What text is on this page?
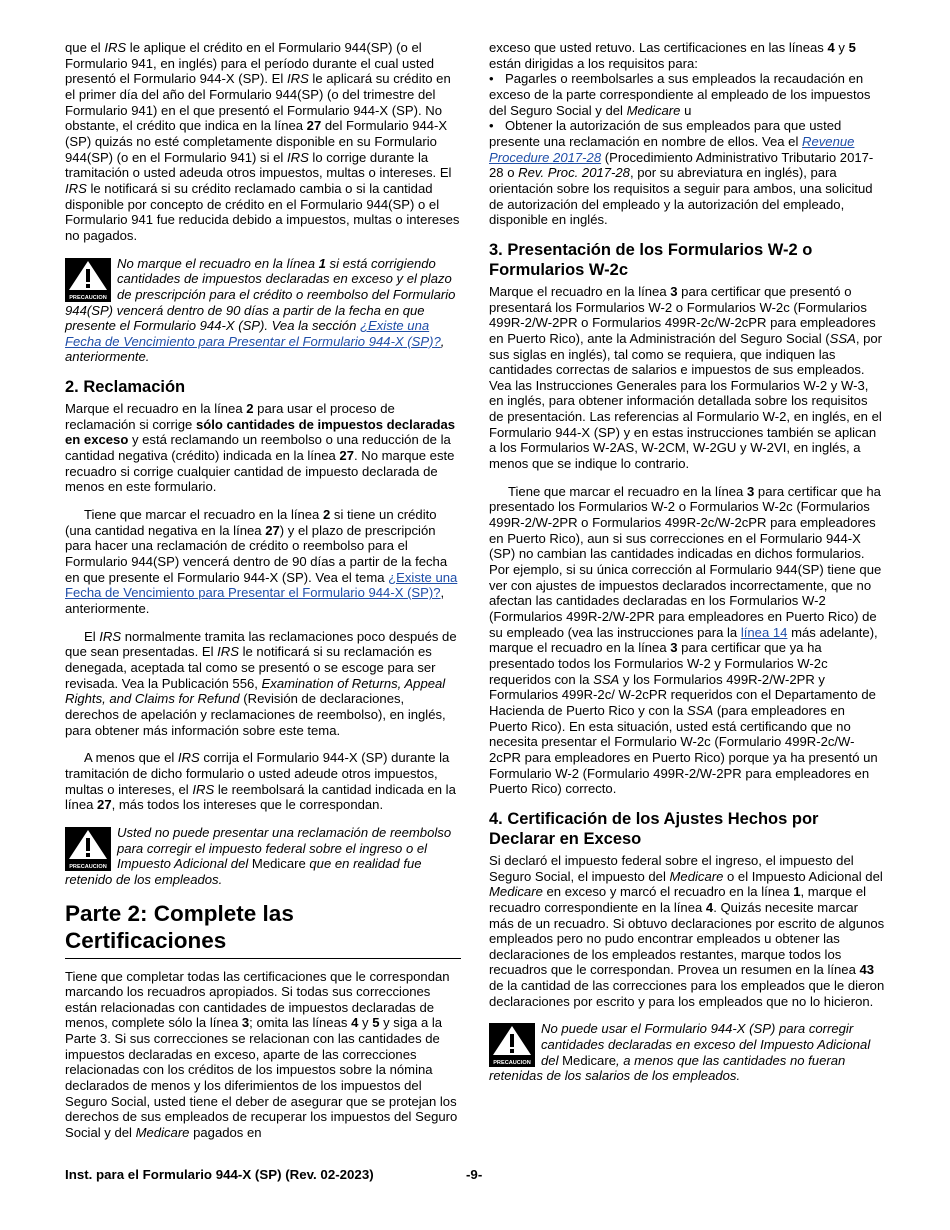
que el IRS le aplique el crédito en el Formulario 944(SP) (o el Formulario 941, en inglés) para el período durante el cual usted presentó el Formulario 944-X (SP). El IRS le aplicará su crédito en el primer día del año del Formulario 944(SP) (o del trimestre del Formulario 941) en el que presentó el Formulario 944-X (SP). No obstante, el crédito que indica en la línea 27 del Formulario 944-X (SP) quizás no esté completamente disponible en su Formulario 944(SP) (o en el Formulario 941) si el IRS lo corrige durante la tramitación o usted adeuda otros impuestos, multas o intereses. El IRS le notificará si su crédito reclamado cambia o si la cantidad disponible por concepto de crédito en el Formulario 944(SP) o el Formulario 941 fue reducida debido a impuestos, multas o intereses no pagados.

PRECAUCION
No marque el recuadro en la línea 1 si está corrigiendo cantidades de impuestos declaradas en exceso y el plazo de prescripción para el crédito o reembolso del Formulario 944(SP) vencerá dentro de 90 días a partir de la fecha en que presente el Formulario 944-X (SP). Vea la sección ¿Existe una Fecha de Vencimiento para Presentar el Formulario 944-X (SP)?, anteriormente.
2. Reclamación

Marque el recuadro en la línea 2 para usar el proceso de reclamación si corrige sólo cantidades de impuestos declaradas en exceso y está reclamando un reembolso o una reducción de la cantidad negativa (crédito) indicada en la línea 27. No marque este recuadro si corrige cualquier cantidad de impuesto declarada de menos en este formulario.

Tiene que marcar el recuadro en la línea 2 si tiene un crédito (una cantidad negativa en la línea 27) y el plazo de prescripción para hacer una reclamación de crédito o reembolso para el Formulario 944(SP) vencerá dentro de 90 días a partir de la fecha en que presente el Formulario 944-X (SP). Vea el tema ¿Existe una Fecha de Vencimiento para Presentar el Formulario 944-X (SP)?, anteriormente.

El IRS normalmente tramita las reclamaciones poco después de que sean presentadas. El IRS le notificará si su reclamación es denegada, aceptada tal como se presentó o se escoge para ser revisada. Vea la Publicación 556, Examination of Returns, Appeal Rights, and Claims for Refund (Revisión de declaraciones, derechos de apelación y reclamaciones de reembolso), en inglés, para obtener más información sobre este tema.

A menos que el IRS corrija el Formulario 944-X (SP) durante la tramitación de dicho formulario o usted adeude otros impuestos, multas o intereses, el IRS le reembolsará la cantidad indicada en la línea 27, más todos los intereses que le correspondan.

PRECAUCION
Usted no puede presentar una reclamación de reembolso para corregir el impuesto federal sobre el ingreso o el Impuesto Adicional del Medicare que en realidad fue retenido de los empleados.
Parte 2: Complete las Certificaciones

Tiene que completar todas las certificaciones que le correspondan marcando los recuadros apropiados. Si todas sus correcciones están relacionadas con cantidades de impuestos declaradas de menos, complete sólo la línea 3; omita las líneas 4 y 5 y siga a la Parte 3. Si sus correcciones se relacionan con las cantidades de impuestos declaradas en exceso, aparte de las correcciones relacionadas con los créditos de los impuestos sobre la nómina declarados de menos y los diferimientos de los impuestos del Seguro Social, usted tiene el deber de asegurar que se protejan los derechos de sus empleados de recuperar los impuestos del Seguro Social y del Medicare pagados en

exceso que usted retuvo. Las certificaciones en las líneas 4 y 5 están dirigidas a los requisitos para:

• Pagarles o reembolsarles a sus empleados la recaudación en exceso de la parte correspondiente al empleado de los impuestos del Seguro Social y del Medicare u

• Obtener la autorización de sus empleados para que usted presente una reclamación en nombre de ellos. Vea el Revenue Procedure 2017-28 (Procedimiento Administrativo Tributario 2017-28 o Rev. Proc. 2017-28, por su abreviatura en inglés), para orientación sobre los requisitos a seguir para ambos, una solicitud de autorización del empleado y la autorización del empleado, disponible en inglés.

3. Presentación de los Formularios W-2 o Formularios W-2c

Marque el recuadro en la línea 3 para certificar que presentó o presentará los Formularios W-2 o Formularios W-2c (Formularios 499R-2/W-2PR o Formularios 499R-2c/W-2cPR para empleadores en Puerto Rico), ante la Administración del Seguro Social (SSA, por sus siglas en inglés), tal como se requiera, que indiquen las cantidades correctas de salarios e impuestos de sus empleados. Vea las Instrucciones Generales para los Formularios W-2 y W-3, en inglés, para obtener información detallada sobre los requisitos de presentación. Las referencias al Formulario W-2, en inglés, en el Formulario 944-X (SP) y en estas instrucciones también se aplican a los Formularios W-2AS, W-2CM, W-2GU y W-2VI, en inglés, a menos que se indique lo contrario.

Tiene que marcar el recuadro en la línea 3 para certificar que ha presentado los Formularios W-2 o Formularios W-2c (Formularios 499R-2/W-2PR o Formularios 499R-2c/W-2cPR para empleadores en Puerto Rico), aun si sus correcciones en el Formulario 944-X (SP) no cambian las cantidades indicadas en dichos formularios. Por ejemplo, si su única corrección al Formulario 944(SP) tiene que ver con ajustes de impuestos declarados incorrectamente, que no afectan las cantidades declaradas en los Formularios W-2 (Formularios 499R-2/W-2PR para empleadores en Puerto Rico) de su empleado (vea las instrucciones para la línea 14 más adelante), marque el recuadro en la línea 3 para certificar que ya ha presentado todos los Formularios W-2 y Formularios W-2c requeridos con la SSA y los Formularios 499R-2/W-2PR y Formularios 499R-2c/ W-2cPR requeridos con el Departamento de Hacienda de Puerto Rico y con la SSA (para empleadores en Puerto Rico). En esta situación, usted está certificando que no necesita presentar el Formulario W-2c (Formulario 499R-2c/W-2cPR para empleadores en Puerto Rico) porque ya ha presentó un Formulario W-2 (Formulario 499R-2/W-2PR para empleadores en Puerto Rico) correcto.

4. Certificación de los Ajustes Hechos por Declarar en Exceso

Si declaró el impuesto federal sobre el ingreso, el impuesto del Seguro Social, el impuesto del Medicare o el Impuesto Adicional del Medicare en exceso y marcó el recuadro en la línea 1, marque el recuadro correspondiente en la línea 4. Quizás necesite marcar más de un recuadro. Si obtuvo declaraciones por escrito de algunos empleados pero no pudo encontrar empleados u obtener las declaraciones de los empleados restantes, marque todos los recuadros que le correspondan. Provea un resumen en la línea 43 de la cantidad de las correcciones para los empleados que le dieron declaraciones por escrito y para los empleados que no lo hicieron.

PRECAUCION
No puede usar el Formulario 944-X (SP) para corregir cantidades declaradas en exceso del Impuesto Adicional del Medicare, a menos que las cantidades no fueran retenidas de los salarios de los empleados.
Inst. para el Formulario 944-X (SP) (Rev. 02-2023)	-9-
